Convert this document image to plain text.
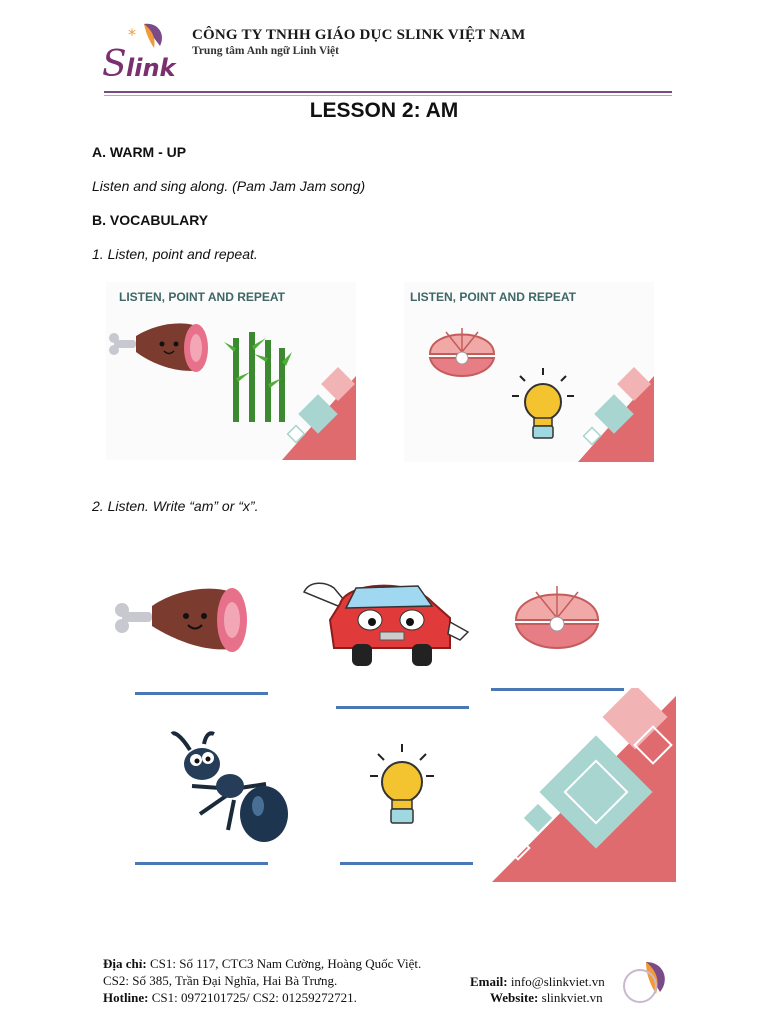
*
S link
CÔNG TY TNHH GIÁO DỤC SLINK VIỆT NAM
Trung tâm Anh ngữ Linh Việt
LESSON 2: AM
A. WARM - UP
Listen and sing along. (Pam Jam Jam song)
B. VOCABULARY
1. Listen, point and repeat.
LISTEN, POINT AND REPEAT	LISTEN, POINT AND REPEAT
2. Listen. Write “am” or “x”.
Địa chỉ: CS1: Số 117, CTC3 Nam Cường, Hoàng Quốc Việt.
CS2: Số 385, Trần Đại Nghĩa, Hai Bà Trưng.
Hotline: CS1: 0972101725/ CS2: 01259272721.
Email: info@slinkviet.vn
Website: slinkviet.vn
